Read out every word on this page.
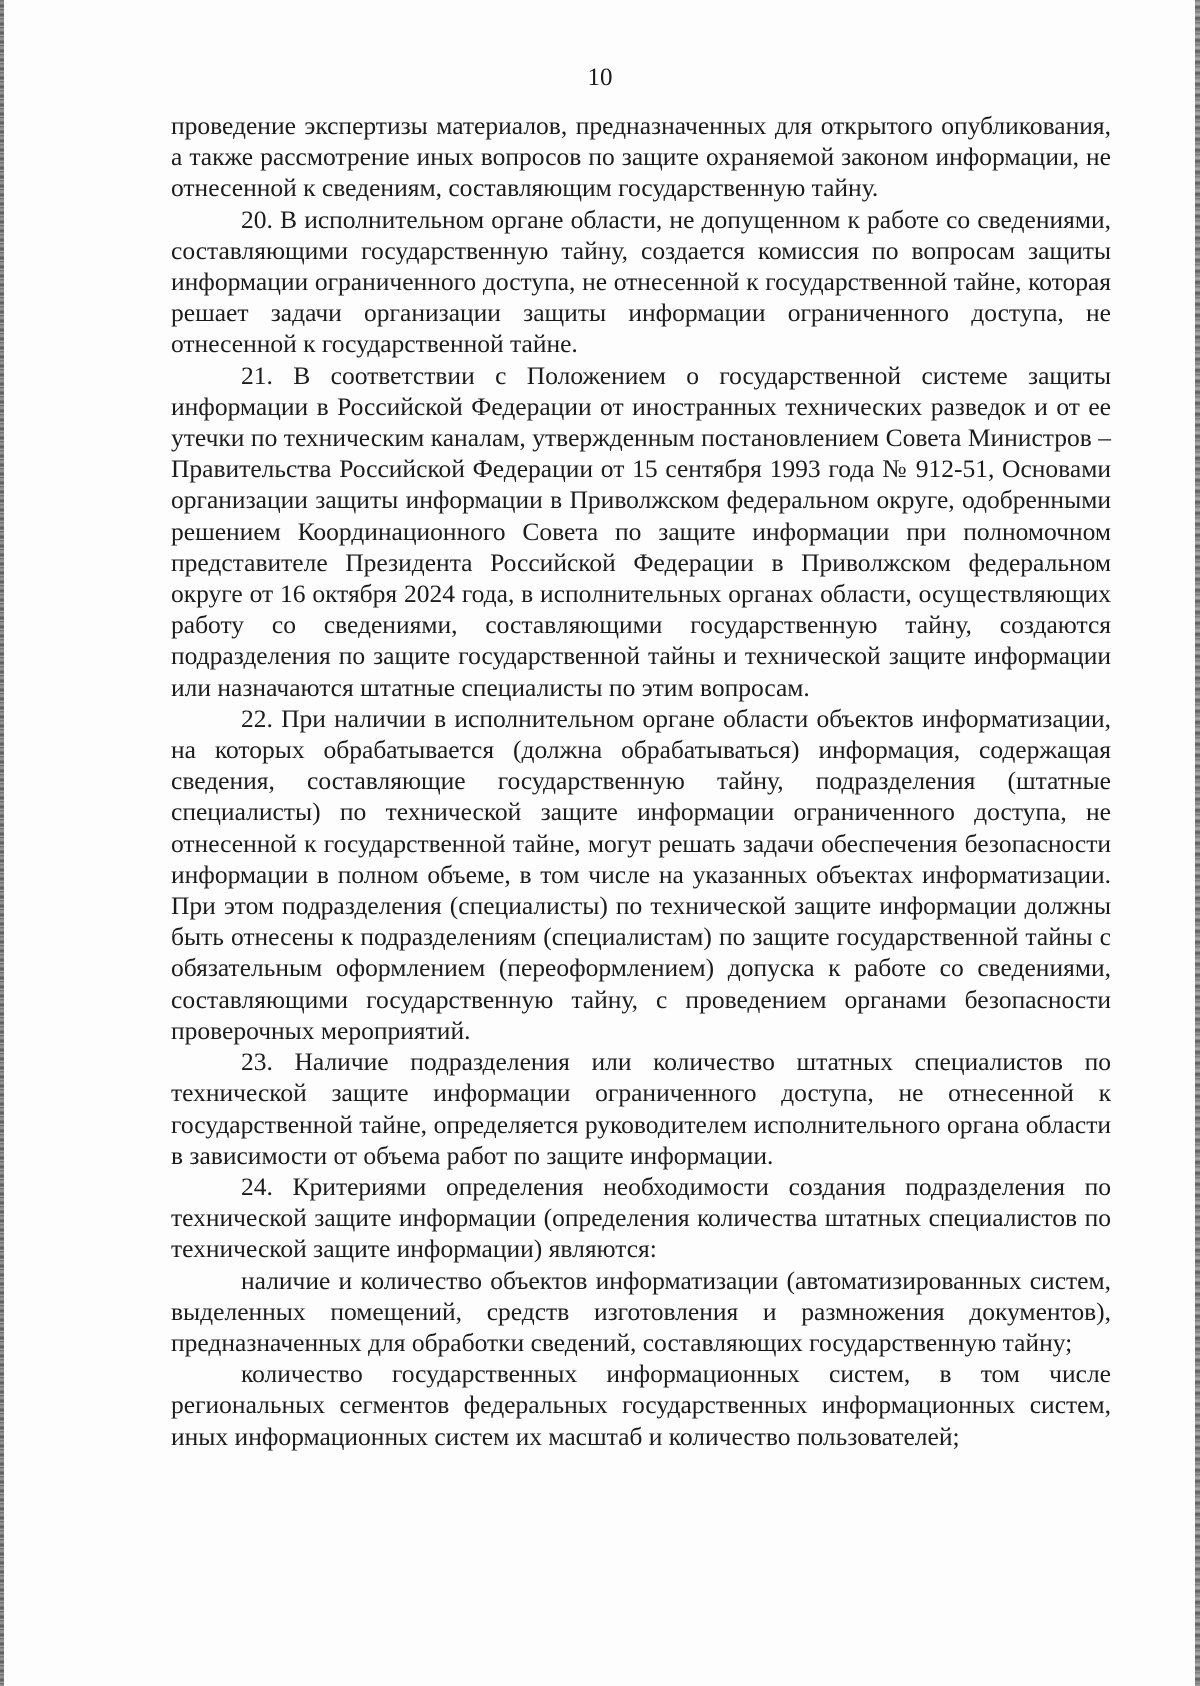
10

проведение экспертизы материалов, предназначенных для открытого опубликования, а также рассмотрение иных вопросов по защите охраняемой законом информации, не отнесенной к сведениям, составляющим государственную тайну.

20. В исполнительном органе области, не допущенном к работе со сведениями, составляющими государственную тайну, создается комиссия по вопросам защиты информации ограниченного доступа, не отнесенной к государственной тайне, которая решает задачи организации защиты информации ограниченного доступа, не отнесенной к государственной тайне.

21. В соответствии с Положением о государственной системе защиты информации в Российской Федерации от иностранных технических разведок и от ее утечки по техническим каналам, утвержденным постановлением Совета Министров – Правительства Российской Федерации от 15 сентября 1993 года № 912-51, Основами организации защиты информации в Приволжском федеральном округе, одобренными решением Координационного Совета по защите информации при полномочном представителе Президента Российской Федерации в Приволжском федеральном округе от 16 октября 2024 года, в исполнительных органах области, осуществляющих работу со сведениями, составляющими государственную тайну, создаются подразделения по защите государственной тайны и технической защите информации или назначаются штатные специалисты по этим вопросам.

22. При наличии в исполнительном органе области объектов информатизации, на которых обрабатывается (должна обрабатываться) информация, содержащая сведения, составляющие государственную тайну, подразделения (штатные специалисты) по технической защите информации ограниченного доступа, не отнесенной к государственной тайне, могут решать задачи обеспечения безопасности информации в полном объеме, в том числе на указанных объектах информатизации. При этом подразделения (специалисты) по технической защите информации должны быть отнесены к подразделениям (специалистам) по защите государственной тайны с обязательным оформлением (переоформлением) допуска к работе со сведениями, составляющими государственную тайну, с проведением органами безопасности проверочных мероприятий.

23. Наличие подразделения или количество штатных специалистов по технической защите информации ограниченного доступа, не отнесенной к государственной тайне, определяется руководителем исполнительного органа области в зависимости от объема работ по защите информации.

24. Критериями определения необходимости создания подразделения по технической защите информации (определения количества штатных специалистов по технической защите информации) являются:

наличие и количество объектов информатизации (автоматизированных систем, выделенных помещений, средств изготовления и размножения документов), предназначенных для обработки сведений, составляющих государственную тайну;

количество государственных информационных систем, в том числе региональных сегментов федеральных государственных информационных систем, иных информационных систем их масштаб и количество пользователей;
